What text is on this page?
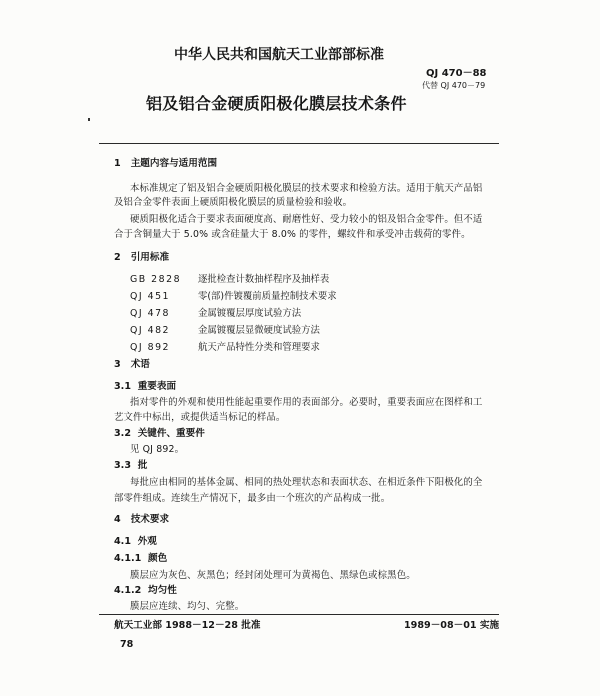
中华人民共和国航天工业部部标准
QJ 470－88
代替 QJ 470－79
铝及铝合金硬质阳极化膜层技术条件
1 主题内容与适用范围
本标准规定了铝及铝合金硬质阳极化膜层的技术要求和检验方法。适用于航天产品铝
及铝合金零件表面上硬质阳极化膜层的质量检验和验收。
硬质阳极化适合于要求表面硬度高、耐磨性好、受力较小的铝及铝合金零件。但不适
合于含铜量大于 5.0% 或含硅量大于 8.0% 的零件，螺纹件和承受冲击载荷的零件。
2 引用标准
GB 2828 逐批检查计数抽样程序及抽样表
QJ 451	零(部)件镀覆前质量控制技术要求
QJ 478	金属镀覆层厚度试验方法
QJ 482	金属镀覆层显微硬度试验方法
QJ 892	航天产品特性分类和管理要求
3 术语
3.1 重要表面
指对零件的外观和使用性能起重要作用的表面部分。必要时，重要表面应在图样和工
艺文件中标出，或提供适当标记的样品。
3.2 关键件、重要件
见 QJ 892。
3.3 批
每批应由相同的基体金属、相同的热处理状态和表面状态、在相近条件下阳极化的全
部零件组成。连续生产情况下，最多由一个班次的产品构成一批。
4 技术要求
4.1 外观
4.1.1 颜色
膜层应为灰色、灰黑色；经封闭处理可为黄褐色、黑绿色或棕黑色。
4.1.2 均匀性
膜层应连续、均匀、完整。
航天工业部 1988－12－28 批准	1989－08－01 实施
78
